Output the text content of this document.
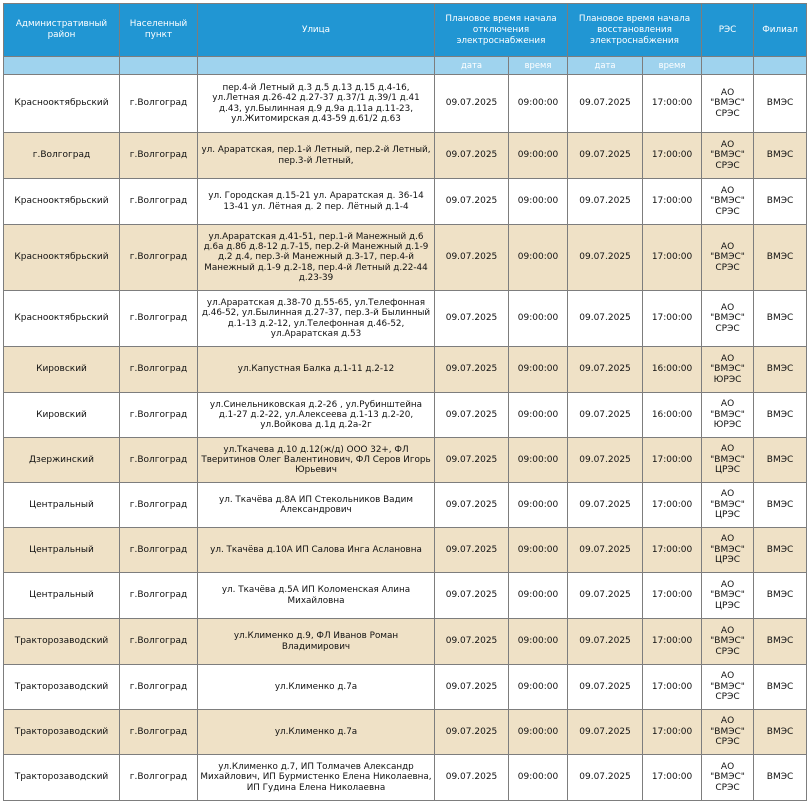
Административный район	Населенный пункт	Улица	Плановое время начала отключения электроснабжения		Плановое время начала восстановления электроснабжения		РЭС	Филиал
			дата	время	дата	время		
Краснооктябрьский	г.Волгоград	пер.4-й Летный д.3 д.5 д.13 д.15 д.4-16, ул.Летная д.26-42 д.27-37 д.37/1 д.39/1 д.41 д.43, ул.Былинная д.9 д.9а д.11а д.11-23, ул.Житомирская д.43-59 д.61/2 д.63	09.07.2025	09:00:00	09.07.2025	17:00:00	АО "ВМЭС" СРЭС	ВМЭС
г.Волгоград	г.Волгоград	ул. Араратская, пер.1-й Летный, пер.2-й Летный, пер.3-й Летный,	09.07.2025	09:00:00	09.07.2025	17:00:00	АО "ВМЭС" СРЭС	ВМЭС
Краснооктябрьский	г.Волгоград	ул. Городская д.15-21 ул. Араратская д. 36-14 13-41 ул. Лётная д. 2 пер. Лётный д.1-4	09.07.2025	09:00:00	09.07.2025	17:00:00	АО "ВМЭС" СРЭС	ВМЭС
Краснооктябрьский	г.Волгоград	ул.Араратская д.41-51, пер.1-й Манежный д.6 д.6а д.8б д.8-12 д.7-15, пер.2-й Манежный д.1-9 д.2 д.4, пер.3-й Манежный д.3-17, пер.4-й Манежный д.1-9 д.2-18, пер.4-й Летный д.22-44 д.23-39	09.07.2025	09:00:00	09.07.2025	17:00:00	АО "ВМЭС" СРЭС	ВМЭС
Краснооктябрьский	г.Волгоград	ул.Араратская д.38-70 д.55-65, ул.Телефонная д.46-52, ул.Былинная д.27-37, пер.3-й Былинный д.1-13 д.2-12, ул.Телефонная д.46-52, ул.Араратская д.53	09.07.2025	09:00:00	09.07.2025	17:00:00	АО "ВМЭС" СРЭС	ВМЭС
Кировский	г.Волгоград	ул.Капустная Балка д.1-11 д.2-12	09.07.2025	09:00:00	09.07.2025	16:00:00	АО "ВМЭС" ЮРЭС	ВМЭС
Кировский	г.Волгоград	ул.Синельниковская д.2-26 , ул.Рубинштейна д.1-27 д.2-22, ул.Алексеева д.1-13 д.2-20, ул.Войкова д.1д д.2а-2г	09.07.2025	09:00:00	09.07.2025	16:00:00	АО "ВМЭС" ЮРЭС	ВМЭС
Дзержинский	г.Волгоград	ул.Ткачева д.10 д.12(ж/д) ООО 32+, ФЛ Тверитинов Олег Валентинович, ФЛ Серов Игорь Юрьевич	09.07.2025	09:00:00	09.07.2025	17:00:00	АО "ВМЭС" ЦРЭС	ВМЭС
Центральный	г.Волгоград	ул. Ткачёва д.8А ИП Стекольников Вадим Александрович	09.07.2025	09:00:00	09.07.2025	17:00:00	АО "ВМЭС" ЦРЭС	ВМЭС
Центральный	г.Волгоград	ул. Ткачёва д.10А ИП Салова Инга Аслановна	09.07.2025	09:00:00	09.07.2025	17:00:00	АО "ВМЭС" ЦРЭС	ВМЭС
Центральный	г.Волгоград	ул. Ткачёва д.5А ИП Коломенская Алина Михайловна	09.07.2025	09:00:00	09.07.2025	17:00:00	АО "ВМЭС" ЦРЭС	ВМЭС
Тракторозаводский	г.Волгоград	ул.Клименко д.9, ФЛ Иванов Роман Владимирович	09.07.2025	09:00:00	09.07.2025	17:00:00	АО "ВМЭС" СРЭС	ВМЭС
Тракторозаводский	г.Волгоград	ул.Клименко д.7а	09.07.2025	09:00:00	09.07.2025	17:00:00	АО "ВМЭС" СРЭС	ВМЭС
Тракторозаводский	г.Волгоград	ул.Клименко д.7а	09.07.2025	09:00:00	09.07.2025	17:00:00	АО "ВМЭС" СРЭС	ВМЭС
Тракторозаводский	г.Волгоград	ул.Клименко д.7, ИП Толмачев Александр Михайлович, ИП Бурмистенко Елена Николаевна, ИП Гудина Елена Николаевна	09.07.2025	09:00:00	09.07.2025	17:00:00	АО "ВМЭС" СРЭС	ВМЭС
